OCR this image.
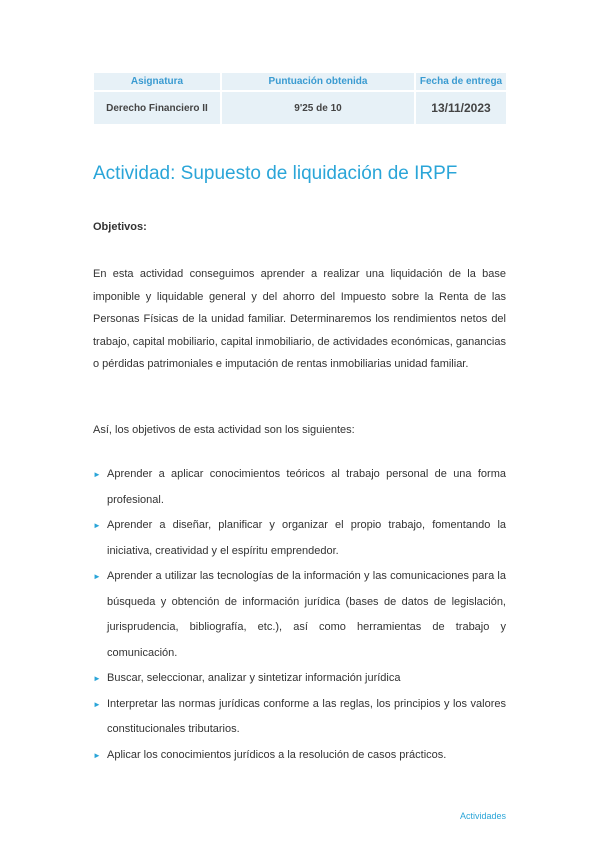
Asignatura	Puntuación obtenida	Fecha de entrega
Derecho Financiero II	9'25 de 10	13/11/2023
Actividad: Supuesto de liquidación de IRPF
Objetivos:

En esta actividad conseguimos aprender a realizar una liquidación de la base imponible y liquidable general y del ahorro del Impuesto sobre la Renta de las Personas Físicas de la unidad familiar. Determinaremos los rendimientos netos del trabajo, capital mobiliario, capital inmobiliario, de actividades económicas, ganancias o pérdidas patrimoniales e imputación de rentas inmobiliarias unidad familiar.

Así, los objetivos de esta actividad son los siguientes:

► Aprender a aplicar conocimientos teóricos al trabajo personal de una forma profesional.
► Aprender a diseñar, planificar y organizar el propio trabajo, fomentando la iniciativa, creatividad y el espíritu emprendedor.
► Aprender a utilizar las tecnologías de la información y las comunicaciones para la búsqueda y obtención de información jurídica (bases de datos de legislación, jurisprudencia, bibliografía, etc.), así como herramientas de trabajo y comunicación.
► Buscar, seleccionar, analizar y sintetizar información jurídica
► Interpretar las normas jurídicas conforme a las reglas, los principios y los valores constitucionales tributarios.
► Aplicar los conocimientos jurídicos a la resolución de casos prácticos.
Actividades
